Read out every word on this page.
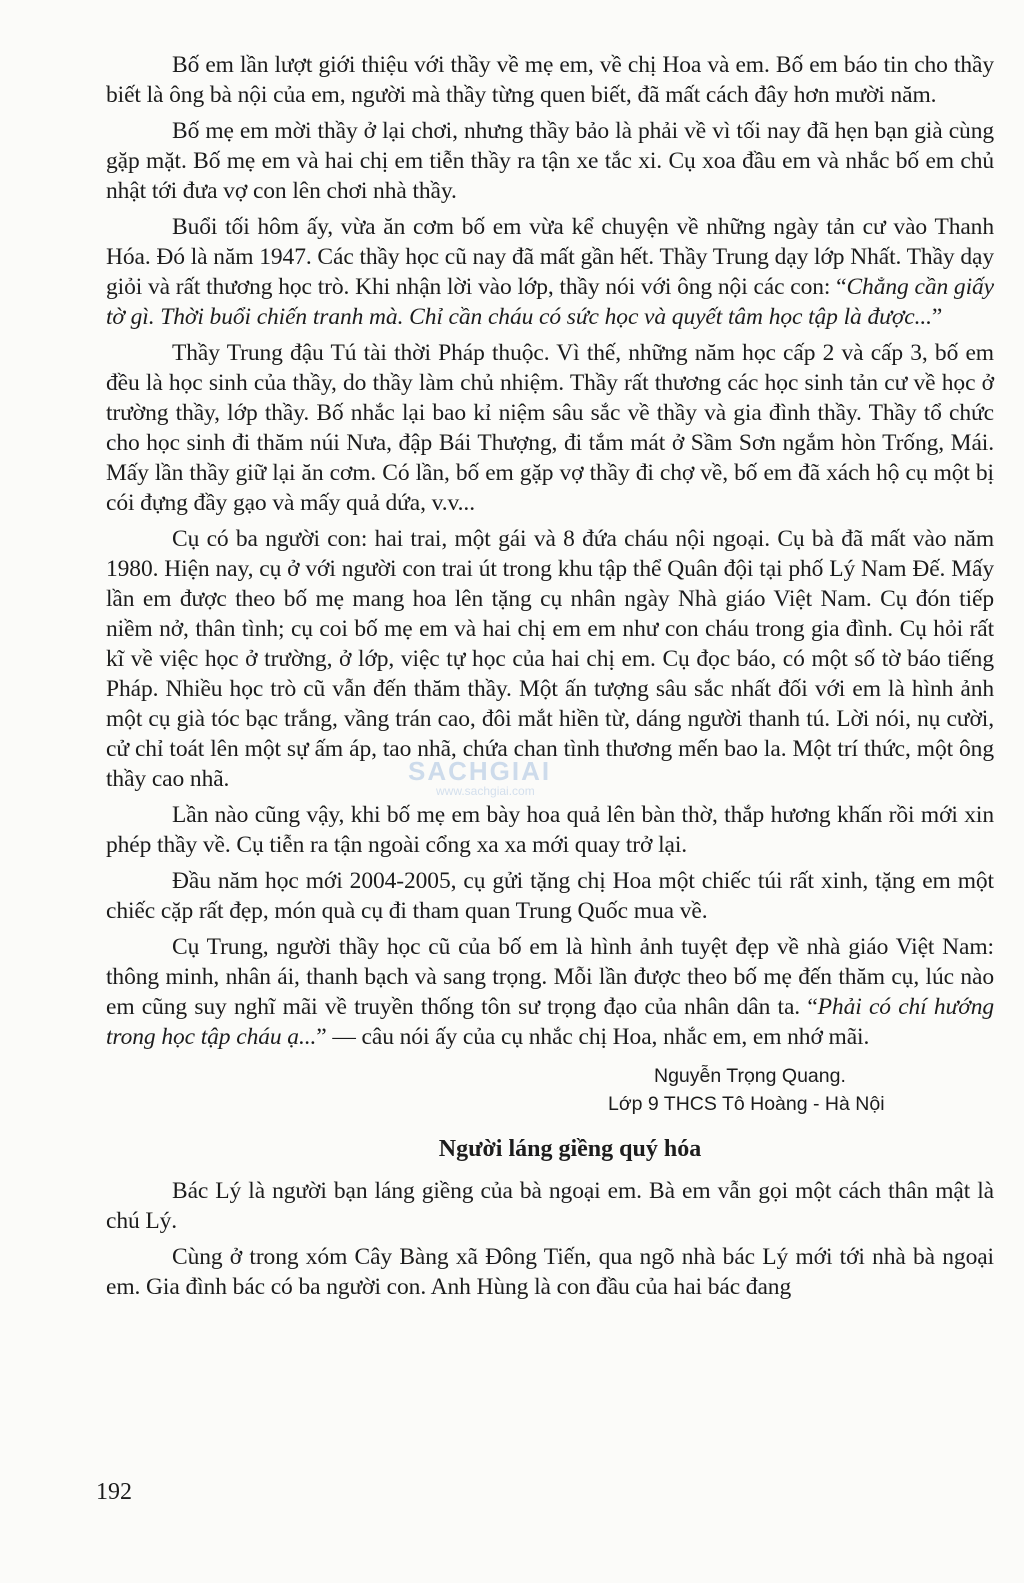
Bố em lần lượt giới thiệu với thầy về mẹ em, về chị Hoa và em. Bố em báo tin cho thầy biết là ông bà nội của em, người mà thầy từng quen biết, đã mất cách đây hơn mười năm.

Bố mẹ em mời thầy ở lại chơi, nhưng thầy bảo là phải về vì tối nay đã hẹn bạn già cùng gặp mặt. Bố mẹ em và hai chị em tiễn thầy ra tận xe tắc xi. Cụ xoa đầu em và nhắc bố em chủ nhật tới đưa vợ con lên chơi nhà thầy.

Buổi tối hôm ấy, vừa ăn cơm bố em vừa kể chuyện về những ngày tản cư vào Thanh Hóa. Đó là năm 1947. Các thầy học cũ nay đã mất gần hết. Thầy Trung dạy lớp Nhất. Thầy dạy giỏi và rất thương học trò. Khi nhận lời vào lớp, thầy nói với ông nội các con: “Chẳng cần giấy tờ gì. Thời buổi chiến tranh mà. Chỉ cần cháu có sức học và quyết tâm học tập là được...”

Thầy Trung đậu Tú tài thời Pháp thuộc. Vì thế, những năm học cấp 2 và cấp 3, bố em đều là học sinh của thầy, do thầy làm chủ nhiệm. Thầy rất thương các học sinh tản cư về học ở trường thầy, lớp thầy. Bố nhắc lại bao kỉ niệm sâu sắc về thầy và gia đình thầy. Thầy tổ chức cho học sinh đi thăm núi Nưa, đập Bái Thượng, đi tắm mát ở Sầm Sơn ngắm hòn Trống, Mái. Mấy lần thầy giữ lại ăn cơm. Có lần, bố em gặp vợ thầy đi chợ về, bố em đã xách hộ cụ một bị cói đựng đầy gạo và mấy quả dứa, v.v...

Cụ có ba người con: hai trai, một gái và 8 đứa cháu nội ngoại. Cụ bà đã mất vào năm 1980. Hiện nay, cụ ở với người con trai út trong khu tập thể Quân đội tại phố Lý Nam Đế. Mấy lần em được theo bố mẹ mang hoa lên tặng cụ nhân ngày Nhà giáo Việt Nam. Cụ đón tiếp niềm nở, thân tình; cụ coi bố mẹ em và hai chị em em như con cháu trong gia đình. Cụ hỏi rất kĩ về việc học ở trường, ở lớp, việc tự học của hai chị em. Cụ đọc báo, có một số tờ báo tiếng Pháp. Nhiều học trò cũ vẫn đến thăm thầy. Một ấn tượng sâu sắc nhất đối với em là hình ảnh một cụ già tóc bạc trắng, vầng trán cao, đôi mắt hiền từ, dáng người thanh tú. Lời nói, nụ cười, cử chỉ toát lên một sự ấm áp, tao nhã, chứa chan tình thương mến bao la. Một trí thức, một ông thầy cao nhã.

Lần nào cũng vậy, khi bố mẹ em bày hoa quả lên bàn thờ, thắp hương khấn rồi mới xin phép thầy về. Cụ tiễn ra tận ngoài cổng xa xa mới quay trở lại.

Đầu năm học mới 2004-2005, cụ gửi tặng chị Hoa một chiếc túi rất xinh, tặng em một chiếc cặp rất đẹp, món quà cụ đi tham quan Trung Quốc mua về.

Cụ Trung, người thầy học cũ của bố em là hình ảnh tuyệt đẹp về nhà giáo Việt Nam: thông minh, nhân ái, thanh bạch và sang trọng. Mỗi lần được theo bố mẹ đến thăm cụ, lúc nào em cũng suy nghĩ mãi về truyền thống tôn sư trọng đạo của nhân dân ta. “Phải có chí hướng trong học tập cháu ạ...” — câu nói ấy của cụ nhắc chị Hoa, nhắc em, em nhớ mãi.

Nguyễn Trọng Quang.
Lớp 9 THCS Tô Hoàng - Hà Nội
Người láng giềng quý hóa

Bác Lý là người bạn láng giềng của bà ngoại em. Bà em vẫn gọi một cách thân mật là chú Lý.

Cùng ở trong xóm Cây Bàng xã Đông Tiến, qua ngõ nhà bác Lý mới tới nhà bà ngoại em. Gia đình bác có ba người con. Anh Hùng là con đầu của hai bác đang

SACHGIAI
www.sachgiai.com
192
